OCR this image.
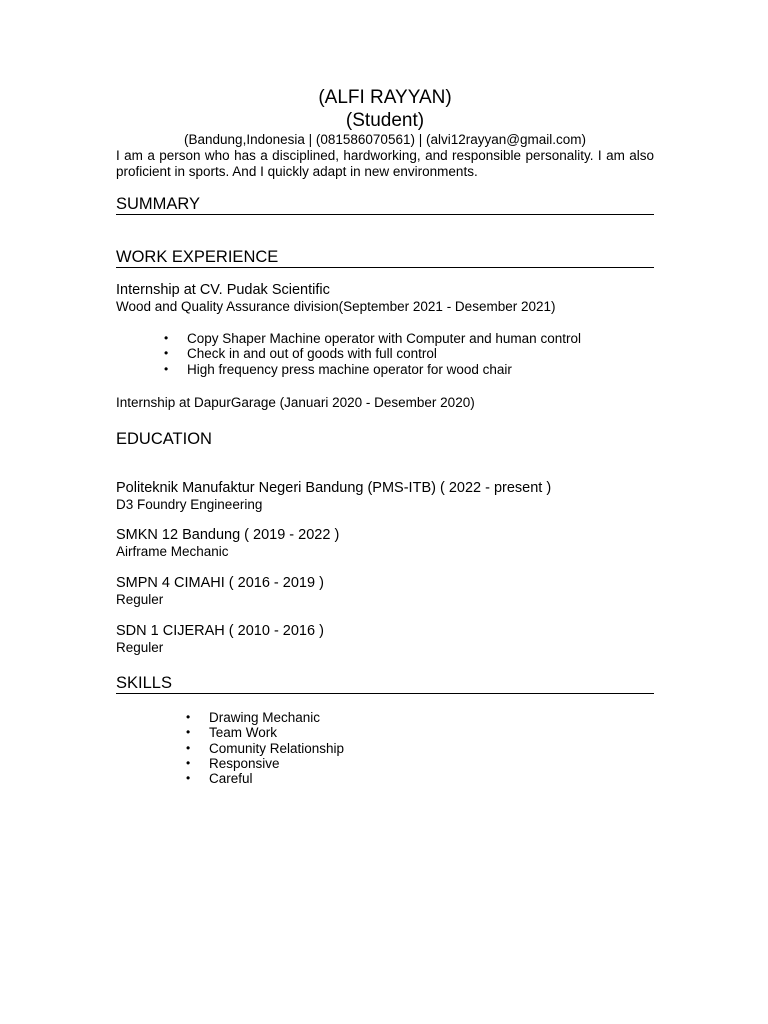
(ALFI RAYYAN)
(Student)
(Bandung,Indonesia | (081586070561) | (alvi12rayyan@gmail.com)
I am a person who has a disciplined, hardworking, and responsible personality. I am also proficient in sports. And I quickly adapt in new environments.
SUMMARY
WORK EXPERIENCE
Internship at CV. Pudak Scientific
Wood and Quality Assurance division(September 2021 - Desember 2021)
• Copy Shaper Machine operator with Computer and human control
• Check in and out of goods with full control
• High frequency press machine operator for wood chair
Internship at DapurGarage (Januari 2020 - Desember 2020)
EDUCATION
Politeknik Manufaktur Negeri Bandung (PMS-ITB) ( 2022 - present )
D3 Foundry Engineering
SMKN 12 Bandung ( 2019 - 2022 )
Airframe Mechanic
SMPN 4 CIMAHI ( 2016 - 2019 )
Reguler
SDN 1 CIJERAH ( 2010 - 2016 )
Reguler
SKILLS
• Drawing Mechanic
• Team Work
• Comunity Relationship
• Responsive
• Careful
